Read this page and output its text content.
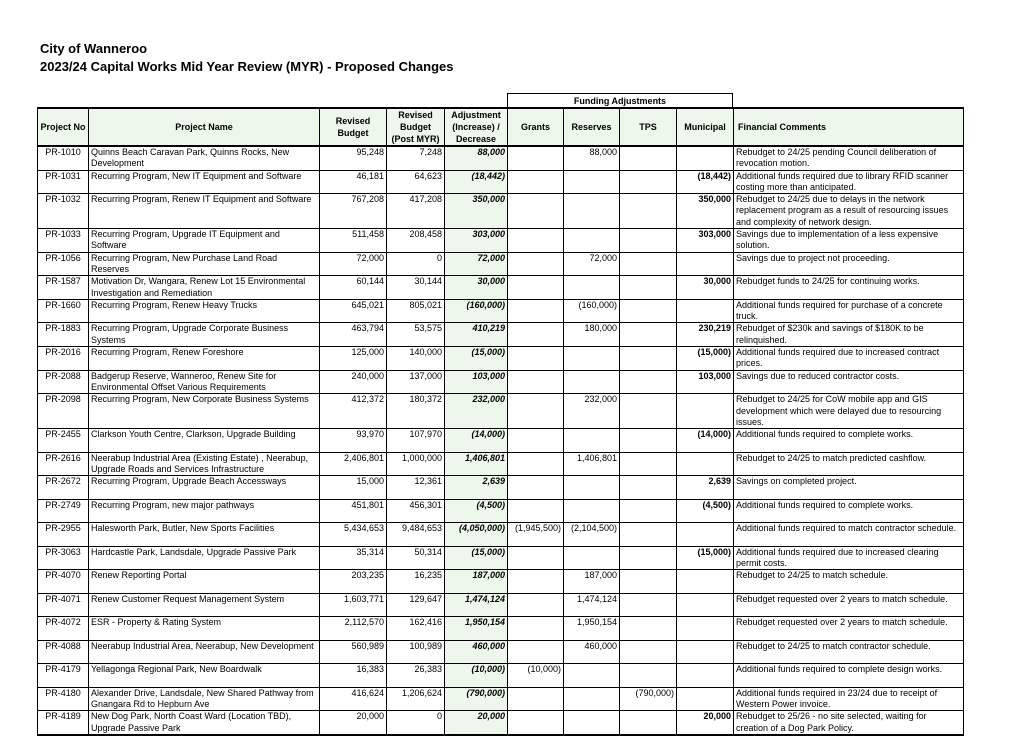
City of Wanneroo
2023/24 Capital Works Mid Year Review (MYR) - Proposed Changes
Funding Adjustments
Project No	Project Name	Revised Budget	Revised Budget (Post MYR)	Adjustment (Increase) / Decrease	Grants	Reserves	TPS	Municipal	Financial Comments
PR-1010	Quinns Beach Caravan Park, Quinns Rocks, New Development	95,248	7,248	88,000		88,000			Rebudget to 24/25 pending Council deliberation of revocation motion.
PR-1031	Recurring Program, New IT Equipment and Software	46,181	64,623	(18,442)				(18,442)	Additional funds required due to library RFID scanner costing more than anticipated.
PR-1032	Recurring Program, Renew IT Equipment and Software	767,208	417,208	350,000				350,000	Rebudget to 24/25 due to delays in the network replacement program as a result of resourcing issues and complexity of network design.
PR-1033	Recurring Program, Upgrade IT Equipment and Software	511,458	208,458	303,000				303,000	Savings due to implementation of a less expensive solution.
PR-1056	Recurring Program, New Purchase Land Road Reserves	72,000	0	72,000		72,000			Savings due to project not proceeding.
PR-1587	Motivation Dr, Wangara, Renew Lot 15 Environmental Investigation and Remediation	60,144	30,144	30,000				30,000	Rebudget funds to 24/25 for continuing works.
PR-1660	Recurring Program, Renew Heavy Trucks	645,021	805,021	(160,000)		(160,000)			Additional funds required for purchase of a concrete truck.
PR-1883	Recurring Program, Upgrade Corporate Business Systems	463,794	53,575	410,219		180,000		230,219	Rebudget of $230k and savings of $180K to be relinquished.
PR-2016	Recurring Program, Renew Foreshore	125,000	140,000	(15,000)				(15,000)	Additional funds required due to increased contract prices.
PR-2088	Badgerup Reserve, Wanneroo, Renew Site for Environmental Offset Various Requirements	240,000	137,000	103,000				103,000	Savings due to reduced contractor costs.
PR-2098	Recurring Program, New Corporate Business Systems	412,372	180,372	232,000		232,000			Rebudget to 24/25 for CoW mobile app and GIS development which were delayed due to resourcing issues.
PR-2455	Clarkson Youth Centre, Clarkson, Upgrade Building	93,970	107,970	(14,000)				(14,000)	Additional funds required to complete works.
PR-2616	Neerabup Industrial Area (Existing Estate) , Neerabup, Upgrade Roads and Services Infrastructure	2,406,801	1,000,000	1,406,801		1,406,801			Rebudget to 24/25 to match predicted cashflow.
PR-2672	Recurring Program, Upgrade Beach Accessways	15,000	12,361	2,639				2,639	Savings on completed project.
PR-2749	Recurring Program, new major pathways	451,801	456,301	(4,500)				(4,500)	Additional funds required to complete works.
PR-2955	Halesworth Park, Butler, New Sports Facilities	5,434,653	9,484,653	(4,050,000)	(1,945,500)	(2,104,500)			Additional funds required to match contractor schedule.
PR-3063	Hardcastle Park, Landsdale, Upgrade Passive Park	35,314	50,314	(15,000)				(15,000)	Additional funds required due to increased clearing permit costs.
PR-4070	Renew Reporting Portal	203,235	16,235	187,000		187,000			Rebudget to 24/25 to match schedule.
PR-4071	Renew Customer Request Management System	1,603,771	129,647	1,474,124		1,474,124			Rebudget requested over 2 years to match schedule.
PR-4072	ESR - Property & Rating System	2,112,570	162,416	1,950,154		1,950,154			Rebudget requested over 2 years to match schedule.
PR-4088	Neerabup Industrial Area, Neerabup, New Development	560,989	100,989	460,000		460,000			Rebudget to 24/25 to match contractor schedule.
PR-4179	Yellagonga Regional Park, New Boardwalk	16,383	26,383	(10,000)	(10,000)				Additional funds required to complete design works.
PR-4180	Alexander Drive, Landsdale, New Shared Pathway from Gnangara Rd to Hepburn Ave	416,624	1,206,624	(790,000)			(790,000)		Additional funds required in 23/24 due to receipt of Western Power invoice.
PR-4189	New Dog Park, North Coast Ward (Location TBD), Upgrade Passive Park	20,000	0	20,000				20,000	Rebudget to 25/26 - no site selected, waiting for creation of a Dog Park Policy.
